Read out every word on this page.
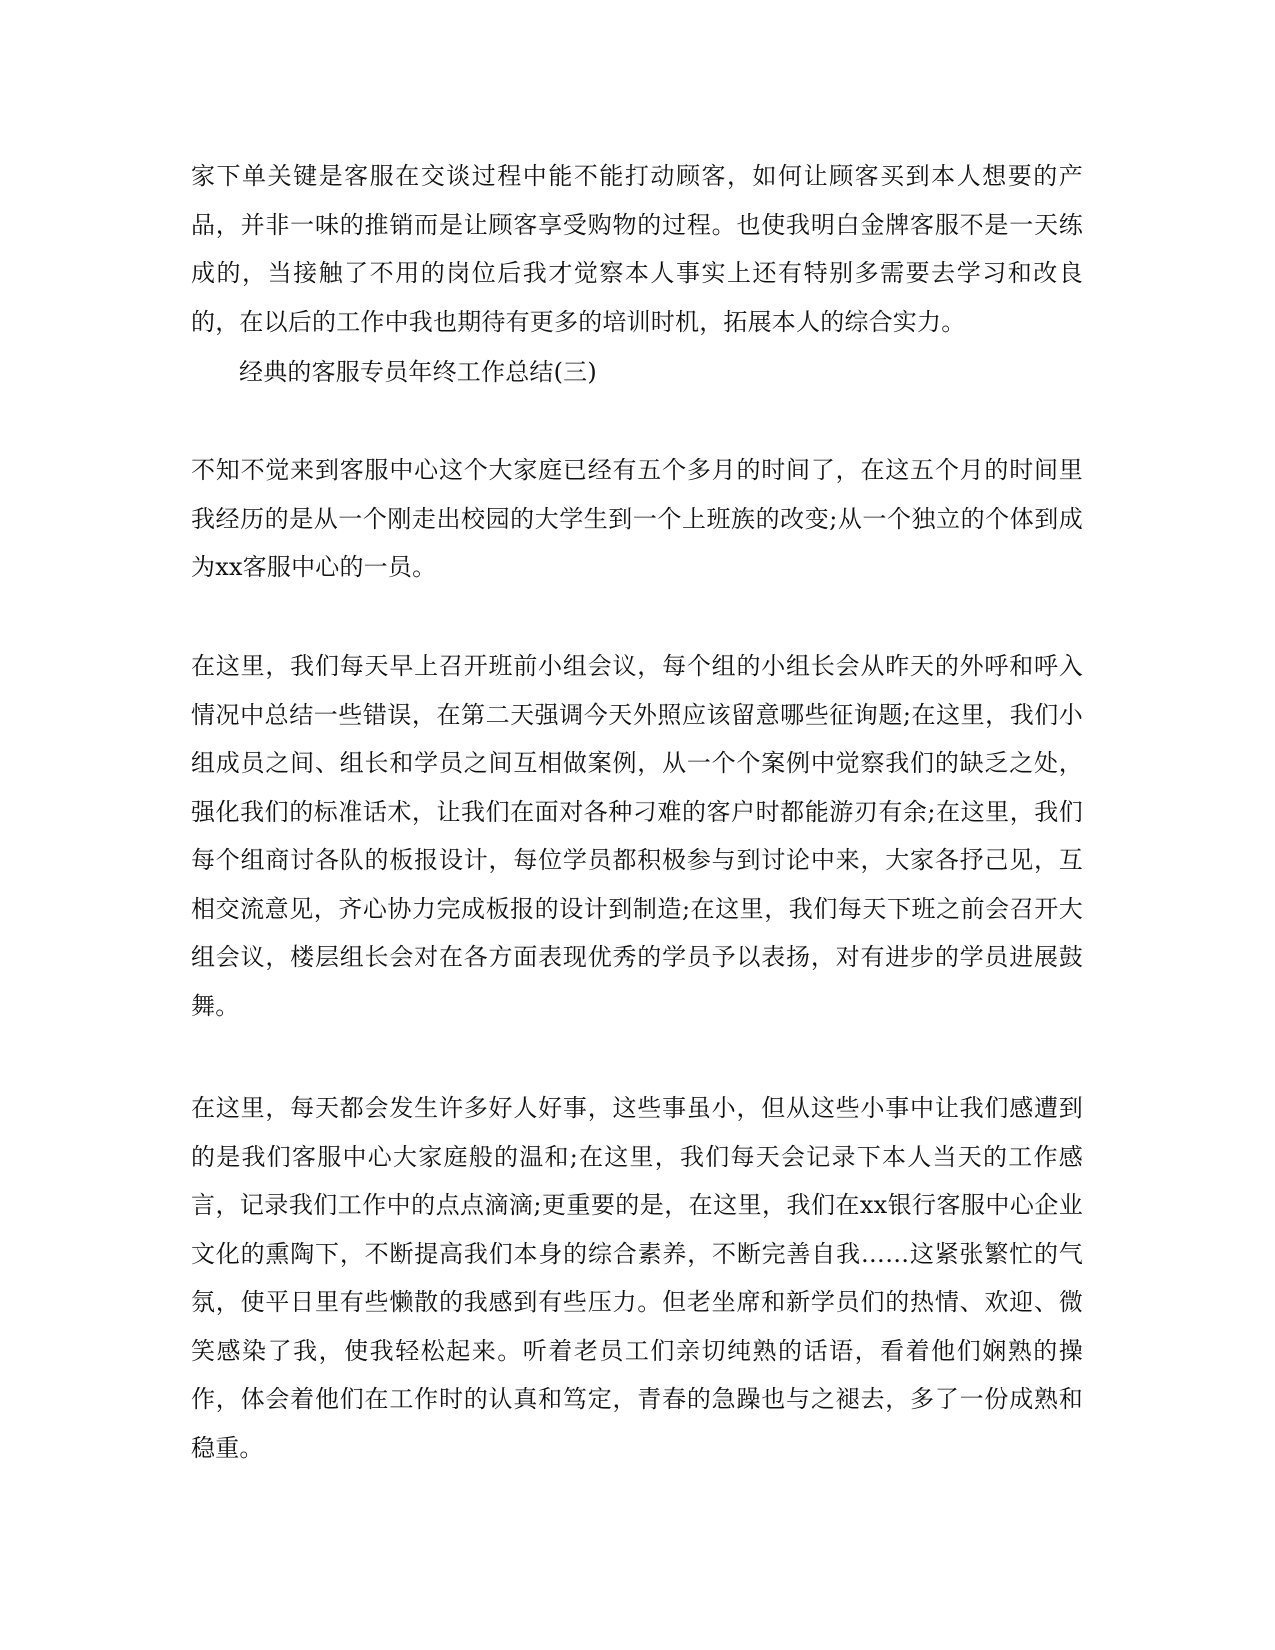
家下单关键是客服在交谈过程中能不能打动顾客，如何让顾客买到本人想要的产品，并非一味的推销而是让顾客享受购物的过程。也使我明白金牌客服不是一天练成的，当接触了不用的岗位后我才觉察本人事实上还有特别多需要去学习和改良的，在以后的工作中我也期待有更多的培训时机，拓展本人的综合实力。

经典的客服专员年终工作总结(三)

不知不觉来到客服中心这个大家庭已经有五个多月的时间了，在这五个月的时间里我经历的是从一个刚走出校园的大学生到一个上班族的改变;从一个独立的个体到成为xx客服中心的一员。

在这里，我们每天早上召开班前小组会议，每个组的小组长会从昨天的外呼和呼入情况中总结一些错误，在第二天强调今天外照应该留意哪些征询题;在这里，我们小组成员之间、组长和学员之间互相做案例，从一个个案例中觉察我们的缺乏之处，强化我们的标准话术，让我们在面对各种刁难的客户时都能游刃有余;在这里，我们每个组商讨各队的板报设计，每位学员都积极参与到讨论中来，大家各抒己见，互相交流意见，齐心协力完成板报的设计到制造;在这里，我们每天下班之前会召开大组会议，楼层组长会对在各方面表现优秀的学员予以表扬，对有进步的学员进展鼓舞。

在这里，每天都会发生许多好人好事，这些事虽小，但从这些小事中让我们感遭到的是我们客服中心大家庭般的温和;在这里，我们每天会记录下本人当天的工作感言，记录我们工作中的点点滴滴;更重要的是，在这里，我们在xx银行客服中心企业文化的熏陶下，不断提高我们本身的综合素养，不断完善自我……这紧张繁忙的气氛，使平日里有些懒散的我感到有些压力。但老坐席和新学员们的热情、欢迎、微笑感染了我，使我轻松起来。听着老员工们亲切纯熟的话语，看着他们娴熟的操作，体会着他们在工作时的认真和笃定，青春的急躁也与之褪去，多了一份成熟和稳重。
